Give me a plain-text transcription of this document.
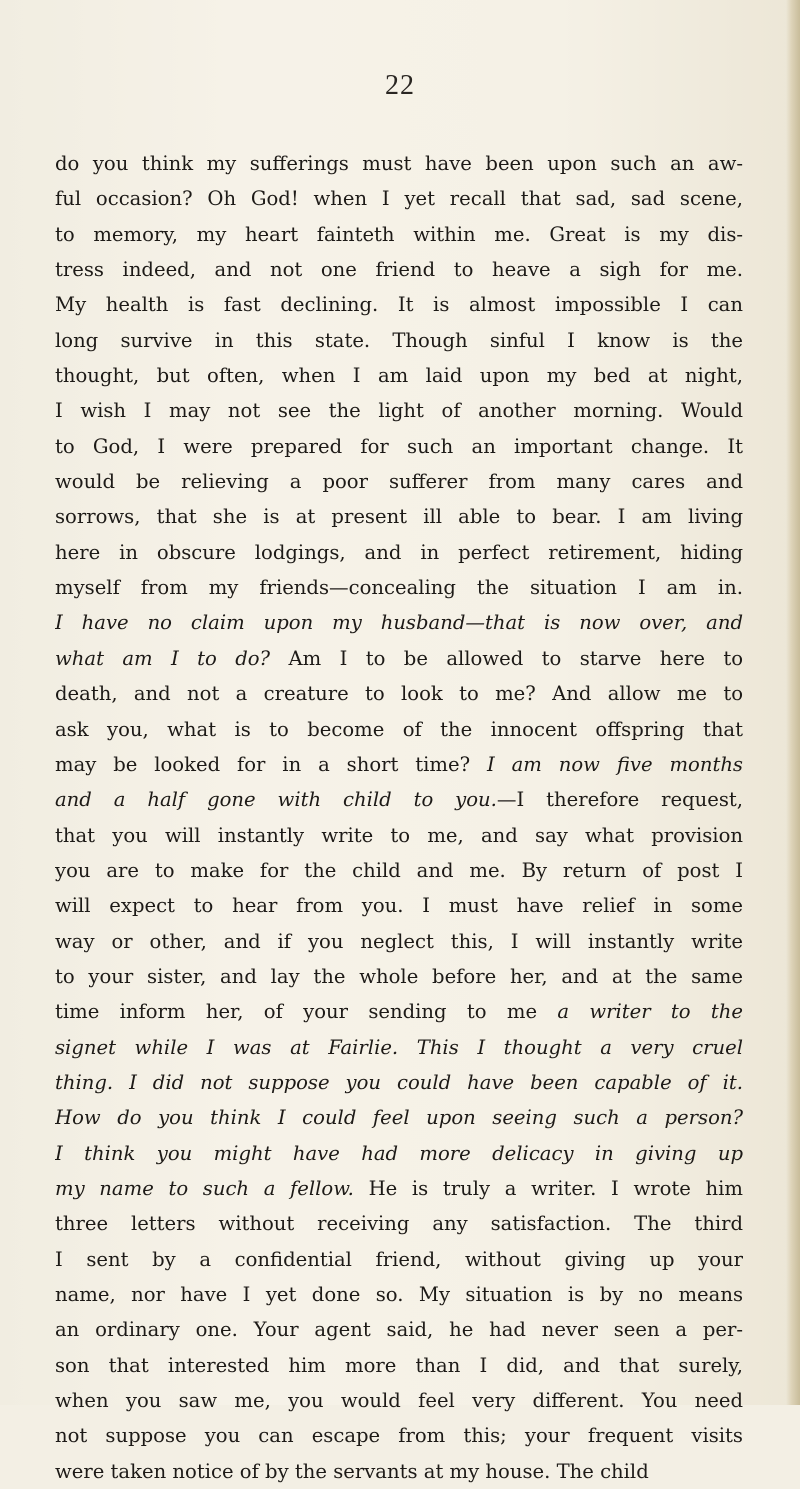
22
do you think my sufferings must have been upon such an aw-
ful occasion? Oh God! when I yet recall that sad, sad scene,
to memory, my heart fainteth within me. Great is my dis-
tress indeed, and not one friend to heave a sigh for me.
My health is fast declining. It is almost impossible I can
long survive in this state. Though sinful I know is the
thought, but often, when I am laid upon my bed at night,
I wish I may not see the light of another morning. Would
to God, I were prepared for such an important change. It
would be relieving a poor sufferer from many cares and
sorrows, that she is at present ill able to bear. I am living
here in obscure lodgings, and in perfect retirement, hiding
myself from my friends—concealing the situation I am in.
I have no claim upon my husband—that is now over, and
what am I to do? Am I to be allowed to starve here to
death, and not a creature to look to me? And allow me to
ask you, what is to become of the innocent offspring that
may be looked for in a short time? I am now five months
and a half gone with child to you.—I therefore request,
that you will instantly write to me, and say what provision
you are to make for the child and me. By return of post I
will expect to hear from you. I must have relief in some
way or other, and if you neglect this, I will instantly write
to your sister, and lay the whole before her, and at the same
time inform her, of your sending to me a writer to the
signet while I was at Fairlie. This I thought a very cruel
thing. I did not suppose you could have been capable of it.
How do you think I could feel upon seeing such a person?
I think you might have had more delicacy in giving up
my name to such a fellow. He is truly a writer. I wrote him
three letters without receiving any satisfaction. The third
I sent by a confidential friend, without giving up your
name, nor have I yet done so. My situation is by no means
an ordinary one. Your agent said, he had never seen a per-
son that interested him more than I did, and that surely,
when you saw me, you would feel very different. You need
not suppose you can escape from this; your frequent visits
were taken notice of by the servants at my house. The child
